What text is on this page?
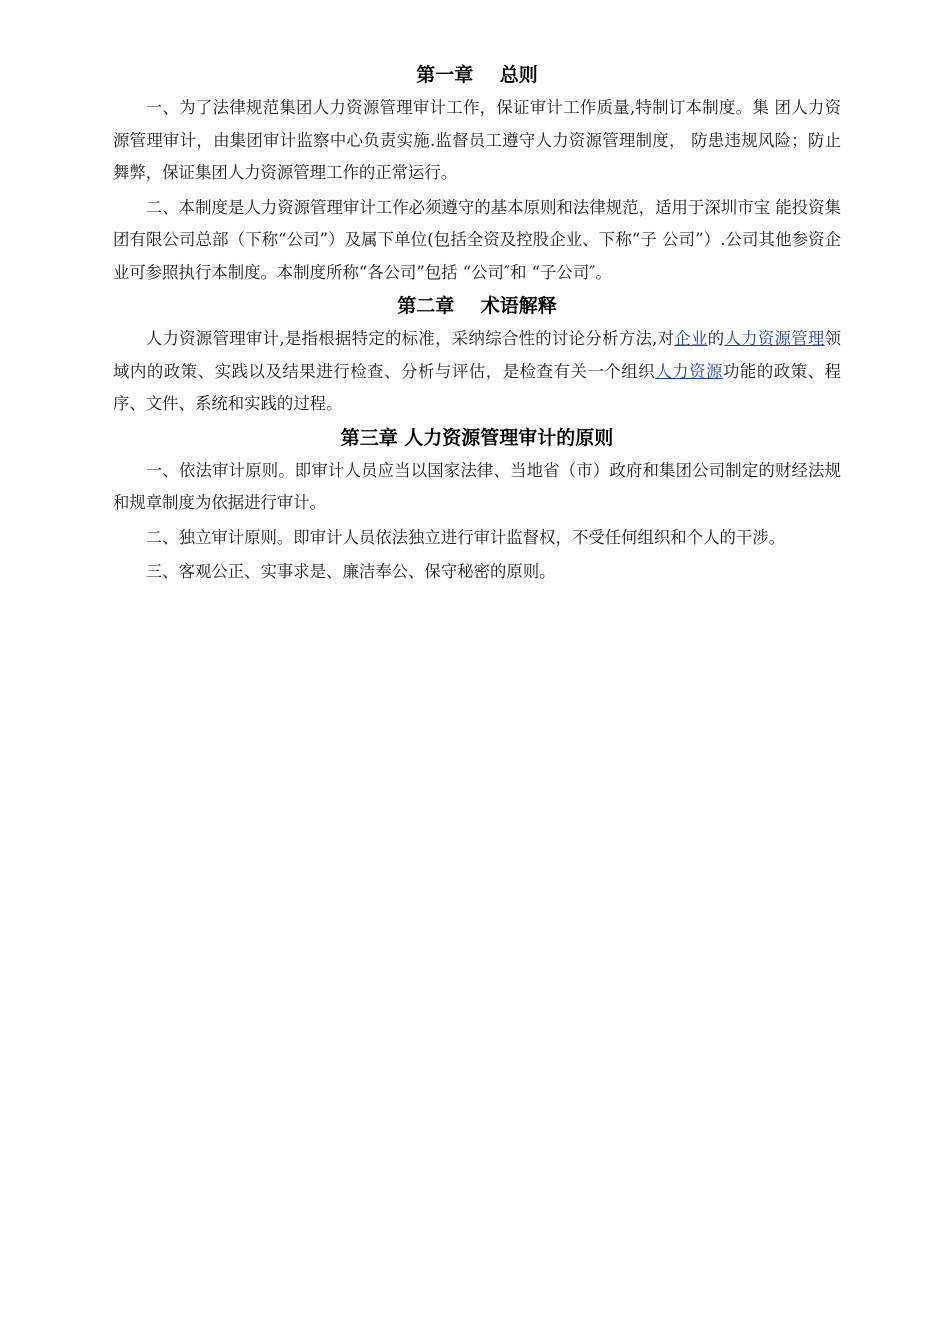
第一章    总则

一、为了法律规范集团人力资源管理审计工作，保证审计工作质量,特制订本制度。集 团人力资源管理审计，由集团审计监察中心负责实施.监督员工遵守人力资源管理制度， 防患违规风险；防止舞弊，保证集团人力资源管理工作的正常运行。

二、本制度是人力资源管理审计工作必须遵守的基本原则和法律规范，适用于深圳市宝 能投资集团有限公司总部（下称“公司”）及属下单位(包括全资及控股企业、下称“子 公司”）.公司其他参资企业可参照执行本制度。本制度所称“各公司”包括 “公司″和 “子公司″。

第二章    术语解释

人力资源管理审计,是指根据特定的标准，采纳综合性的讨论分析方法,对企业的人力资源管理领域内的政策、实践以及结果进行检查、分析与评估，是检查有关一个组织人力资源功能的政策、程序、文件、系统和实践的过程。

第三章 人力资源管理审计的原则

一、依法审计原则。即审计人员应当以国家法律、当地省（市）政府和集团公司制定的财经法规和规章制度为依据进行审计。

二、独立审计原则。即审计人员依法独立进行审计监督权，不受任何组织和个人的干涉。

三、客观公正、实事求是、廉洁奉公、保守秘密的原则。
